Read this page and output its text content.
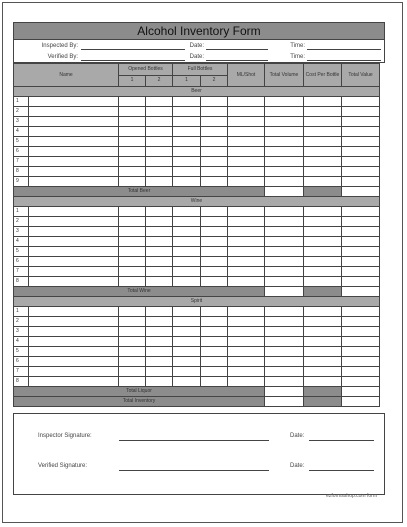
Alcohol Inventory Form
Inspected By:	Date:	Time:
Verified By:	Date:	Time:
Name		Opened Bottles		Full Bottles		ML/Shot	Total Volume	Cost Per Bottle	Total Value
		1	2	1	2				
Beer									
1									
2									
3									
4									
5									
6									
7									
8									
9									
Total Beer									
Wine									
1									
2									
3									
4									
5									
6									
7									
8									
Total Wine									
Spirit									
1									
2									
3									
4									
5									
6									
7									
8									
Total Liquor									
Total Inventory									
Inspector Signature:	Date:
Verified Signature:	Date:
ezformsshop.com form
